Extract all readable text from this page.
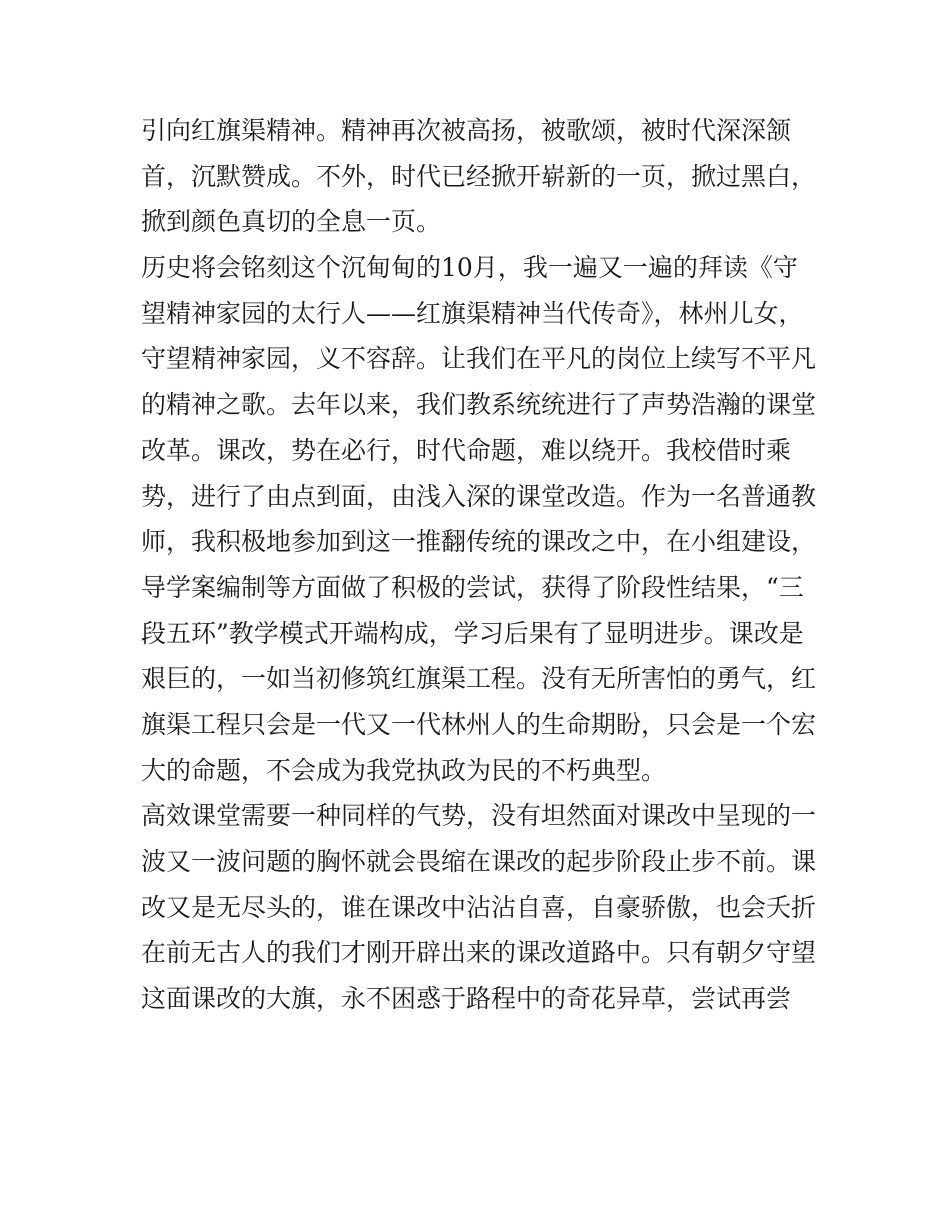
引向红旗渠精神。精神再次被高扬，被歌颂，被时代深深颔
首，沉默赞成。不外，时代已经掀开崭新的一页，掀过黑白，
掀到颜色真切的全息一页。
历史将会铭刻这个沉甸甸的10月，我一遍又一遍的拜读《守
望精神家园的太行人——红旗渠精神当代传奇》，林州儿女，
守望精神家园，义不容辞。让我们在平凡的岗位上续写不平凡
的精神之歌。去年以来，我们教系统统进行了声势浩瀚的课堂
改革。课改，势在必行，时代命题，难以绕开。我校借时乘
势，进行了由点到面，由浅入深的课堂改造。作为一名普通教
师，我积极地参加到这一推翻传统的课改之中，在小组建设，
导学案编制等方面做了积极的尝试，获得了阶段性结果，“三
段五环”教学模式开端构成，学习后果有了显明进步。课改是
艰巨的，一如当初修筑红旗渠工程。没有无所害怕的勇气，红
旗渠工程只会是一代又一代林州人的生命期盼，只会是一个宏
大的命题，不会成为我党执政为民的不朽典型。
高效课堂需要一种同样的气势，没有坦然面对课改中呈现的一
波又一波问题的胸怀就会畏缩在课改的起步阶段止步不前。课
改又是无尽头的，谁在课改中沾沾自喜，自豪骄傲，也会夭折
在前无古人的我们才刚开辟出来的课改道路中。只有朝夕守望
这面课改的大旗，永不困惑于路程中的奇花异草，尝试再尝
